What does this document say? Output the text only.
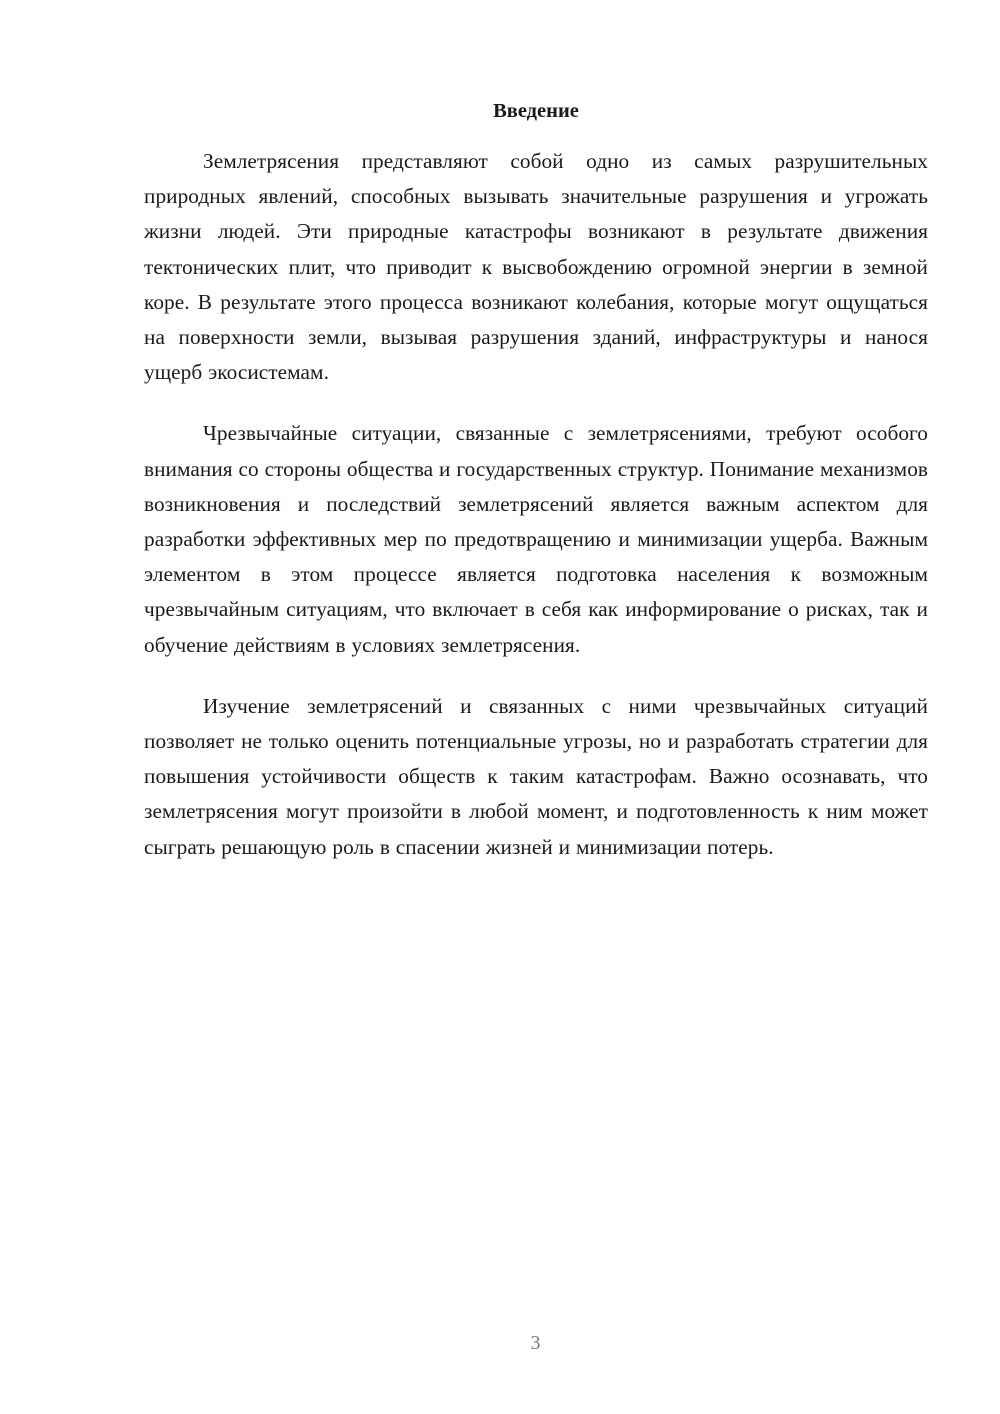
Введение

Землетрясения представляют собой одно из самых разрушительных природных явлений, способных вызывать значительные разрушения и угрожать жизни людей. Эти природные катастрофы возникают в результате движения тектонических плит, что приводит к высвобождению огромной энергии в земной коре. В результате этого процесса возникают колебания, которые могут ощущаться на поверхности земли, вызывая разрушения зданий, инфраструктуры и нанося ущерб экосистемам.

Чрезвычайные ситуации, связанные с землетрясениями, требуют особого внимания со стороны общества и государственных структур. Понимание механизмов возникновения и последствий землетрясений является важным аспектом для разработки эффективных мер по предотвращению и минимизации ущерба. Важным элементом в этом процессе является подготовка населения к возможным чрезвычайным ситуациям, что включает в себя как информирование о рисках, так и обучение действиям в условиях землетрясения.

Изучение землетрясений и связанных с ними чрезвычайных ситуаций позволяет не только оценить потенциальные угрозы, но и разработать стратегии для повышения устойчивости обществ к таким катастрофам. Важно осознавать, что землетрясения могут произойти в любой момент, и подготовленность к ним может сыграть решающую роль в спасении жизней и минимизации потерь.

3
